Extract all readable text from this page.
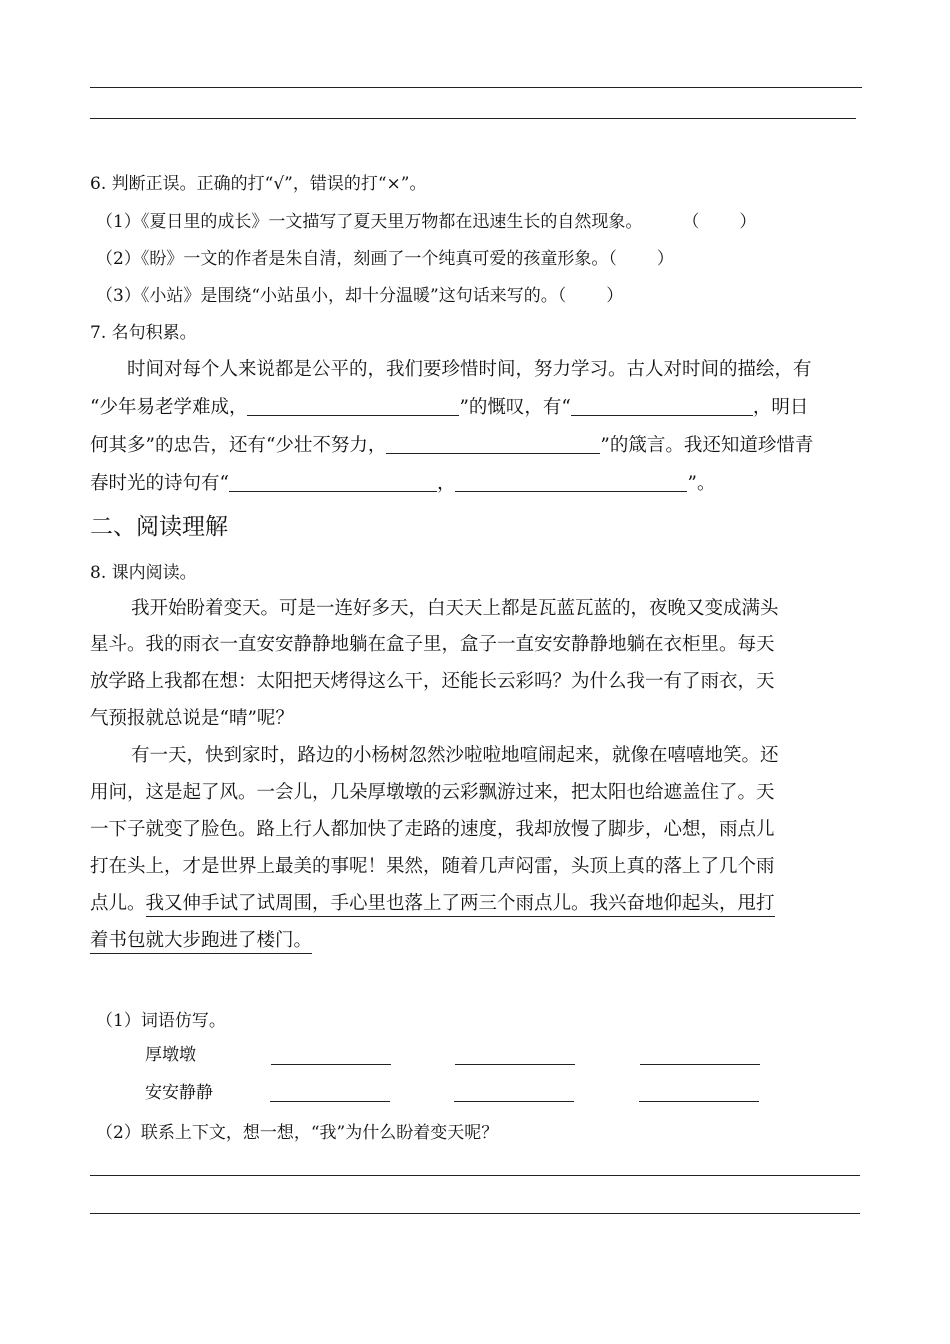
6. 判断正误。正确的打“√”，错误的打“×”。
（1）《夏日里的成长》一文描写了夏天里万物都在迅速生长的自然现象。 （ ）
（2）《盼》一文的作者是朱自清，刻画了一个纯真可爱的孩童形象。（ ）
（3）《小站》是围绕“小站虽小，却十分温暖”这句话来写的。（ ）
7. 名句积累。
时间对每个人来说都是公平的，我们要珍惜时间，努力学习。古人对时间的描绘，有
“少年易老学难成，	”的慨叹，有“	，明日
何其多”的忠告，还有“少壮不努力，	”的箴言。我还知道珍惜青
春时光的诗句有“	，	”。
二、阅读理解
8. 课内阅读。
我开始盼着变天。可是一连好多天，白天天上都是瓦蓝瓦蓝的，夜晚又变成满头
星斗。我的雨衣一直安安静静地躺在盒子里，盒子一直安安静静地躺在衣柜里。每天
放学路上我都在想：太阳把天烤得这么干，还能长云彩吗？为什么我一有了雨衣，天
气预报就总说是“晴”呢？
有一天，快到家时，路边的小杨树忽然沙啦啦地喧闹起来，就像在嘻嘻地笑。还
用问，这是起了风。一会儿，几朵厚墩墩的云彩飘游过来，把太阳也给遮盖住了。天
一下子就变了脸色。路上行人都加快了走路的速度，我却放慢了脚步，心想，雨点儿
打在头上，才是世界上最美的事呢！果然，随着几声闷雷，头顶上真的落上了几个雨
点儿。我又伸手试了试周围，手心里也落上了两三个雨点儿。我兴奋地仰起头，甩打
着书包就大步跑进了楼门。
（1）词语仿写。
厚墩墩
安安静静
（2）联系上下文，想一想，“我”为什么盼着变天呢？
